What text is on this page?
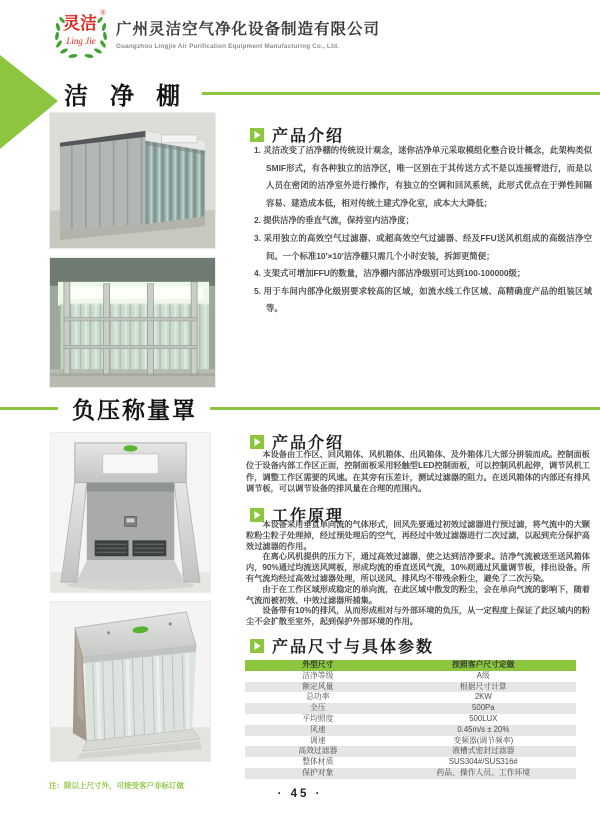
灵洁
®
Ling Jie
广州灵洁空气净化设备制造有限公司
Guangzhou Lingjie Air Purification Equipment Manufacturing Co., Ltd.
洁 净 棚
产品介绍
1. 灵洁改变了洁净棚的传统设计观念，迷你洁净单元采取模组化整合设计概念，此架构类似SMIF形式，有各种独立的洁净区，唯一区别在于其传送方式不是以连接臂进行，而是以人员在密闭的洁净室外进行操作，有独立的空调和回风系统，此形式优点在于弹性间隔容易、建造成本低，相对传统土建式净化室，成本大大降低；
2. 提供洁净的垂直气流，保持室内洁净度；
3. 采用独立的高效空气过滤器、或超高效空气过滤器、经及FFU送风机组成的高级洁净空间。一个标准10′×10′洁净棚只需几个小时安装，拆卸更简便；
4. 支架式可增加FFU的数量，洁净棚内部洁净级别可达到100-100000级；
5. 用于车间内部净化级别要求较高的区域，如流水线工作区域、高精确度产品的组装区域等。
负压称量罩
产品介绍
本设备由工作区、回风箱体、风机箱体、出风箱体、及外箱体几大部分拼装而成。控制面板位于设备内部工作区正面，控制面板采用轻触型LED控制面板，可以控制风机起停，调节风机工作，调整工作区需要的风速。在其旁有压差计，测试过滤器的阻力。在送风箱体的内部还有排风调节板，可以调节设备的排风量在合理的范围内。
工作原理
本设备采用垂直单向流的气体形式，回风先要通过初效过滤器进行预过滤，将气流中的大颗粒粉尘粒子处理掉，经过预处理后的空气，再经过中效过滤器进行二次过滤，以起到充分保护高效过滤器的作用。
在离心风机提供的压力下，通过高效过滤器，使之达到洁净要求。洁净气流被送至送风箱体内，90%通过均流送风网板，形成均流的垂直送风气流，10%则通过风量调节板，排出设备。所有气流均经过高效过滤器处理，所以送风、排风均不带残余粉尘，避免了二次污染。
由于在工作区域形成稳定的单向流，在此区域中散发的粉尘，会在单向气流的影响下，随着气流而被初效、中效过滤器所捕集。
设备带有10%的排风，从而形成相对与外部环境的负压，从一定程度上保证了此区域内的粉尘不会扩散至室外，起到保护外部环境的作用。
产品尺寸与具体参数
外型尺寸	按照客户尺寸定做
洁净等级	A级
额定风量	根据尺寸计算
总功率	2KW
全压	500Pa
平均照度	500LUX
风速	0.45m/s ± 20%
调速	变频器(调节频率)
高效过滤器	液槽式密封过滤器
整体材质	SUS304#/SUS316#
保护对象	药品、操作人员、工作环境
注：除以上尺寸外，可接受客户非标订做
· 45 ·
